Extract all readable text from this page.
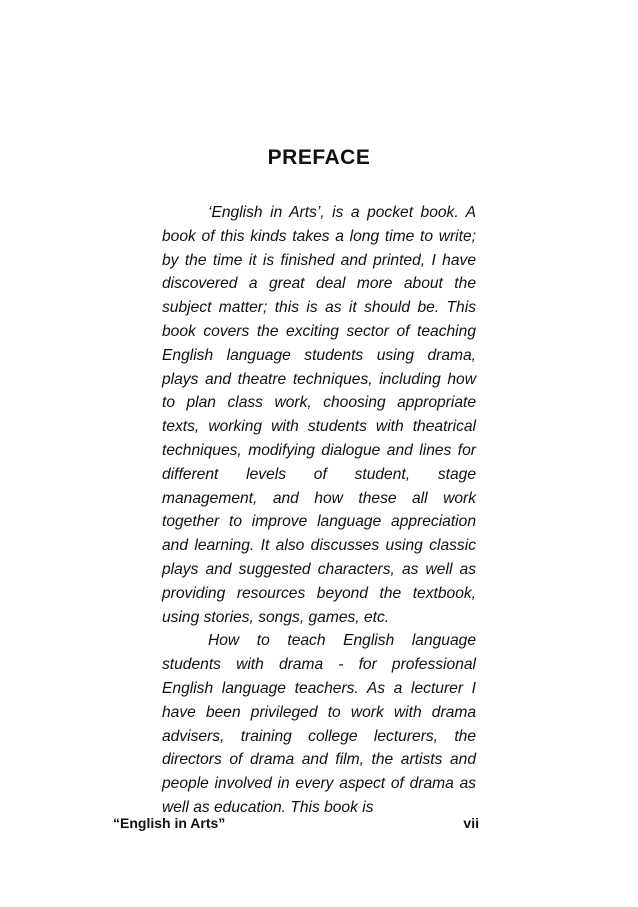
PREFACE

‘English in Arts’, is a pocket book. A book of this kinds takes a long time to write; by the time it is finished and printed, I have discovered a great deal more about the subject matter; this is as it should be. This book covers the exciting sector of teaching English language students using drama, plays and theatre techniques, including how to plan class work, choosing appropriate texts, working with students with theatrical techniques, modifying dialogue and lines for different levels of student, stage management, and how these all work together to improve language appreciation and learning. It also discusses using classic plays and suggested characters, as well as providing resources beyond the textbook, using stories, songs, games, etc.

How to teach English language students with drama - for professional English language teachers. As a lecturer I have been privileged to work with drama advisers, training college lecturers, the directors of drama and film, the artists and people involved in every aspect of drama as well as education. This book is

“English in Arts”	vii
